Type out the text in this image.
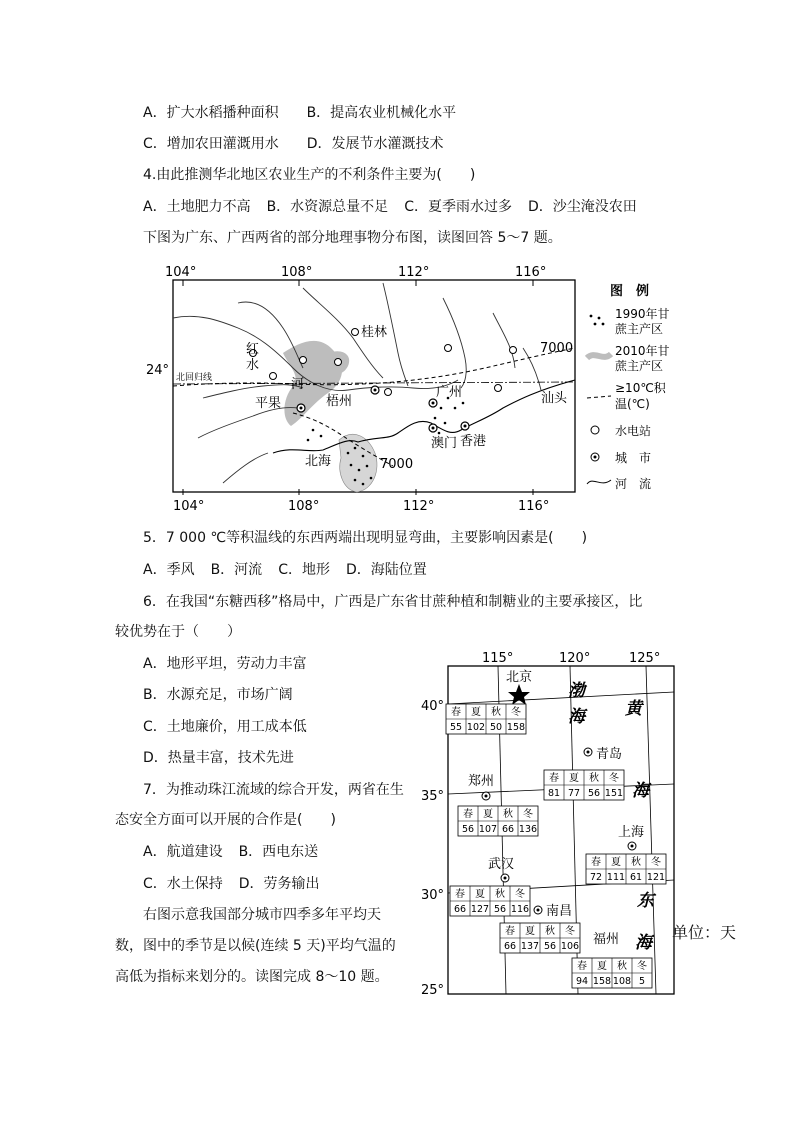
A．扩大水稻播种面积 B．提高农业机械化水平
C．增加农田灌溉用水 D．发展节水灌溉技术
4.由此推测华北地区农业生产的不利条件主要为(　　)
A．土地肥力不高 B．水资源总量不足 C．夏季雨水过多 D．沙尘淹没农田
下图为广东、广西两省的部分地理事物分布图，读图回答 5～7 题。
104°	108°	112°	116°
104°	108°	112°	116°
24° 北回归线
桂林
红
水
河
平果	梧州
广州	汕头
北海
澳门 香港
7000
7000
图　例
1990年甘
蔗主产区
2010年甘
蔗主产区
≥10℃积
温(℃)
水电站
城　市
河　流
5．7 000 ℃等积温线的东西两端出现明显弯曲，主要影响因素是(　　)
A．季风 B．河流 C．地形 D．海陆位置
6．在我国“东糖西移”格局中，广西是广东省甘蔗种植和制糖业的主要承接区，比
较优势在于（　　）
A．地形平坦，劳动力丰富
B．水源充足，市场广阔
C．土地廉价，用工成本低
D．热量丰富，技术先进
7．为推动珠江流域的综合开发，两省在生
态安全方面可以开展的合作是(　　)
A．航道建设 B．西电东送
C．水土保持 D．劳务输出
右图示意我国部分城市四季多年平均天
数，图中的季节是以候(连续 5 天)平均气温的
高低为指标来划分的。读图完成 8～10 题。
115°	120°	125°
40°
35°
30°
25°
渤
海 黄
海
东
海
北京
青岛
郑州
上海
武汉
南昌
福州
春 夏 秋 冬
55 102 50 158
春 夏 秋 冬
81 77 56 151
春 夏 秋 冬
56 107 66 136
春 夏 秋 冬
72 111 61 121
春 夏 秋 冬
66 127 56 116
春 夏 秋 冬
66 137 56 106
春 夏 秋 冬
94 158 108 5
单位：天
